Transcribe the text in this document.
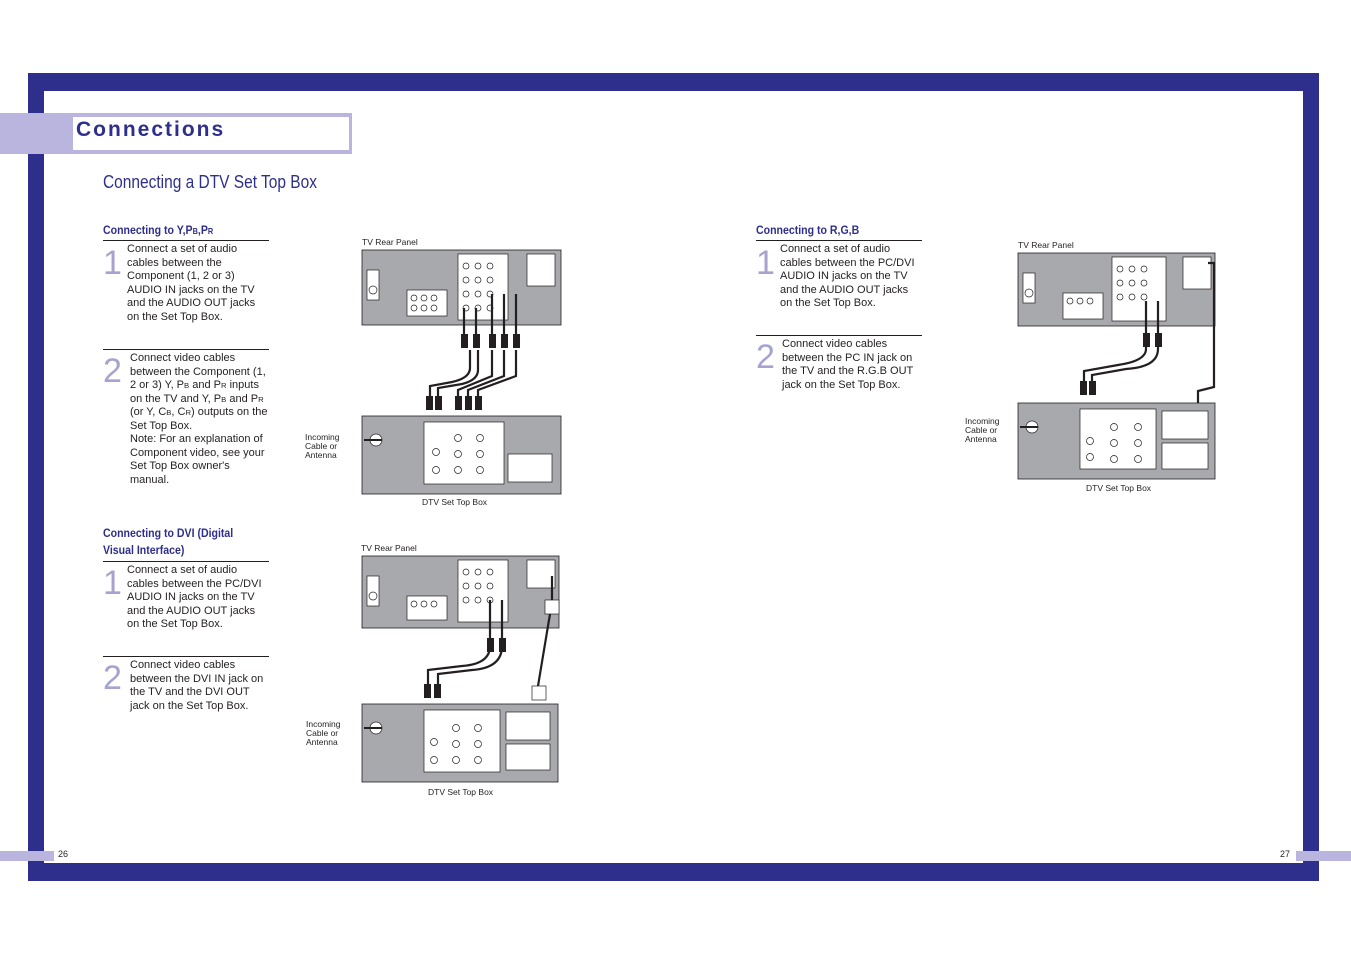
Connections
Connecting a DTV Set Top Box
Connecting to Y,PB,PR
1 Connect a set of audio cables between the Component (1, 2 or 3) AUDIO IN jacks on the TV and the AUDIO OUT jacks on the Set Top Box.
2 Connect video cables between the Component (1, 2 or 3) Y, PB and PR inputs on the TV and Y, PB and PR (or Y, CB, CR) outputs on the Set Top Box.
Note: For an explanation of Component video, see your Set Top Box owner's manual.
Connecting to DVI (Digital Visual Interface)
1 Connect a set of audio cables between the PC/DVI AUDIO IN jacks on the TV and the AUDIO OUT jacks on the Set Top Box.
2 Connect video cables between the DVI IN jack on the TV and the DVI OUT jack on the Set Top Box.
Connecting to R,G,B
1 Connect a set of audio cables between the PC/DVI AUDIO IN jacks on the TV and the AUDIO OUT jacks on the Set Top Box.
2 Connect video cables between the PC IN jack on the TV and the R.G.B OUT jack on the Set Top Box.
TV Rear Panel
Incoming
Cable or
Antenna
DTV Set Top Box
TV Rear Panel
Incoming
Cable or
Antenna
DTV Set Top Box
TV Rear Panel
Incoming
Cable or
Antenna
DTV Set Top Box
26	27
